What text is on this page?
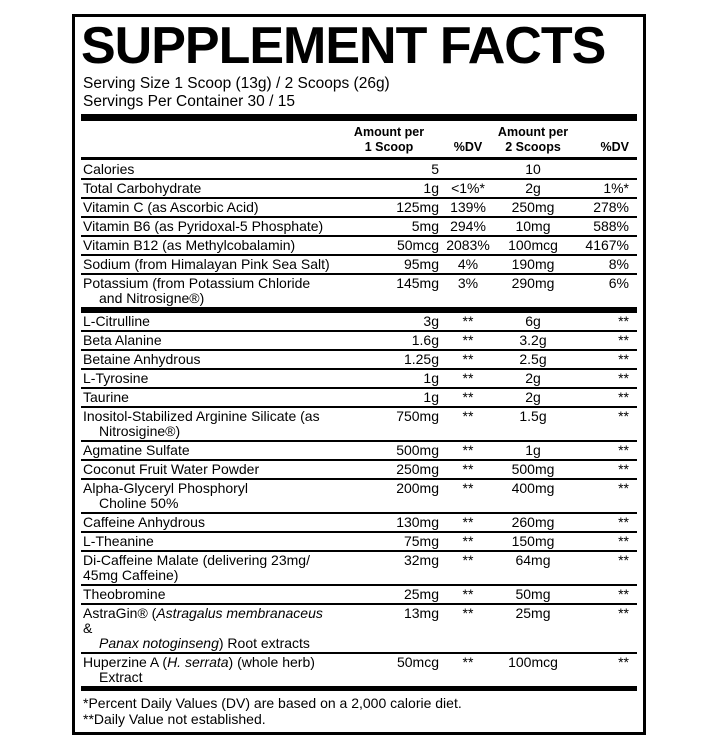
SUPPLEMENT FACTS
Serving Size 1 Scoop (13g) / 2 Scoops (26g)
Servings Per Container 30 / 15
Amount per
1 Scoop	%DV
Amount per
2 Scoops	%DV
Calories	5	10
Total Carbohydrate	1g <1%*	2g	1%*
Vitamin C (as Ascorbic Acid)	125mg 139%	250mg	278%
Vitamin B6 (as Pyridoxal-5 Phosphate)	5mg 294%	10mg	588%
Vitamin B12 (as Methylcobalamin)	50mcg 2083%	100mcg	4167%
Sodium (from Himalayan Pink Sea Salt)	95mg	4%	190mg	8%
Potassium (from Potassium Chloride
and Nitrosigne®)
145mg	3%	290mg	6%
L-Citrulline	3g	**	6g	**
Beta Alanine	1.6g	**	3.2g	**
Betaine Anhydrous	1.25g	**	2.5g	**
L-Tyrosine	1g	**	2g	**
Taurine	1g	**	2g	**
Inositol-Stabilized Arginine Silicate (as
Nitrosigine®)
750mg	**	1.5g	**
Agmatine Sulfate	500mg	**	1g	**
Coconut Fruit Water Powder	250mg	**	500mg	**
Alpha-Glyceryl Phosphoryl
Choline 50%
200mg	**	400mg	**
Caffeine Anhydrous	130mg	**	260mg	**
L-Theanine	75mg	**	150mg	**
Di-Caffeine Malate (delivering 23mg/
45mg Caffeine)
32mg	**	64mg	**
Theobromine	25mg	**	50mg	**
AstraGin® (Astragalus membranaceus &
Panax notoginseng) Root extracts
13mg	**	25mg	**
Huperzine A (H. serrata) (whole herb)
Extract
50mcg	**	100mcg	**
*Percent Daily Values (DV) are based on a 2,000 calorie diet.
**Daily Value not established.
